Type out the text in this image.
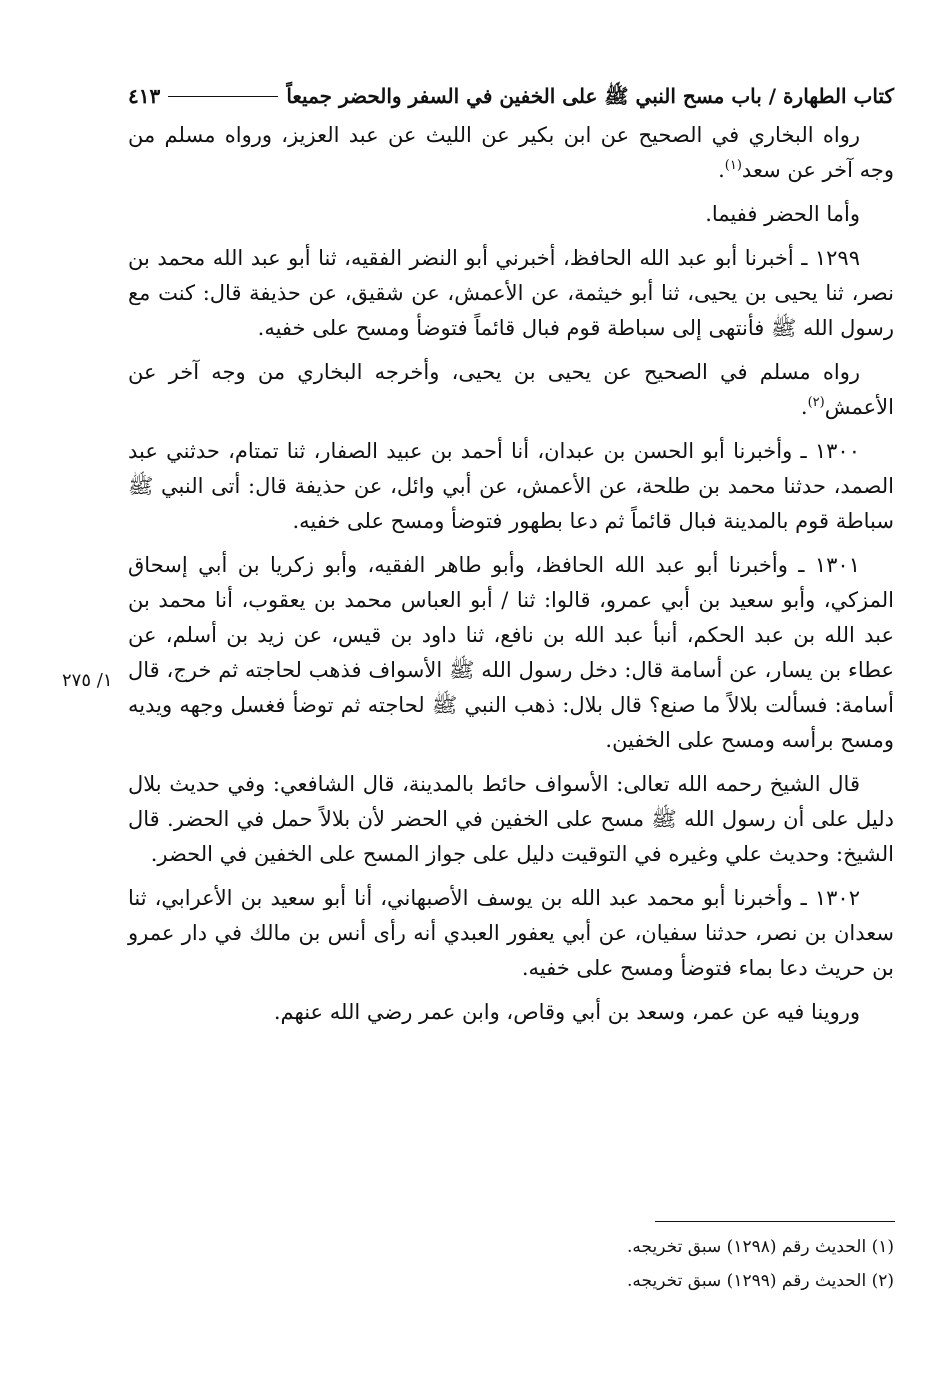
كتاب الطهارة / باب مسح النبي ﷺ على الخفين في السفر والحضر جميعاً
٤١٣

رواه البخاري في الصحيح عن ابن بكير عن الليث عن عبد العزيز، ورواه مسلم من وجه آخر عن سعد$^{(١)}$.

وأما الحضر ففيما.

١٢٩٩ ـ أخبرنا أبو عبد الله الحافظ، أخبرني أبو النضر الفقيه، ثنا أبو عبد الله محمد بن نصر، ثنا يحيى بن يحيى، ثنا أبو خيثمة، عن الأعمش، عن شقيق، عن حذيفة قال: كنت مع رسول الله ﷺ فأنتهى إلى سباطة قوم فبال قائماً فتوضأ ومسح على خفيه.

رواه مسلم في الصحيح عن يحيى بن يحيى، وأخرجه البخاري من وجه آخر عن الأعمش$^{(٢)}$.

١٣٠٠ ـ وأخبرنا أبو الحسن بن عبدان، أنا أحمد بن عبيد الصفار، ثنا تمتام، حدثني عبد الصمد، حدثنا محمد بن طلحة، عن الأعمش، عن أبي وائل، عن حذيفة قال: أتى النبي ﷺ سباطة قوم بالمدينة فبال قائماً ثم دعا بطهور فتوضأ ومسح على خفيه.

١٣٠١ ـ وأخبرنا أبو عبد الله الحافظ، وأبو طاهر الفقيه، وأبو زكريا بن أبي إسحاق المزكي، وأبو سعيد بن أبي عمرو، قالوا: ثنا / أبو العباس محمد بن يعقوب، أنا محمد بن عبد الله بن عبد الحكم، أنبأ عبد الله بن نافع، ثنا داود بن قيس، عن زيد بن أسلم، عن عطاء بن يسار، عن أسامة قال: دخل رسول الله ﷺ الأسواف فذهب لحاجته ثم خرج، قال أسامة: فسألت بلالاً ما صنع؟ قال بلال: ذهب النبي ﷺ لحاجته ثم توضأ فغسل وجهه ويديه ومسح برأسه ومسح على الخفين.

قال الشيخ رحمه الله تعالى: الأسواف حائط بالمدينة، قال الشافعي: وفي حديث بلال دليل على أن رسول الله ﷺ مسح على الخفين في الحضر لأن بلالاً حمل في الحضر. قال الشيخ: وحديث علي وغيره في التوقيت دليل على جواز المسح على الخفين في الحضر.

١٣٠٢ ـ وأخبرنا أبو محمد عبد الله بن يوسف الأصبهاني، أنا أبو سعيد بن الأعرابي، ثنا سعدان بن نصر، حدثنا سفيان، عن أبي يعفور العبدي أنه رأى أنس بن مالك في دار عمرو بن حريث دعا بماء فتوضأ ومسح على خفيه.

وروينا فيه عن عمر، وسعد بن أبي وقاص، وابن عمر رضي الله عنهم.

١/ ٢٧٥

(١) الحديث رقم (١٢٩٨) سبق تخريجه.

(٢) الحديث رقم (١٢٩٩) سبق تخريجه.
